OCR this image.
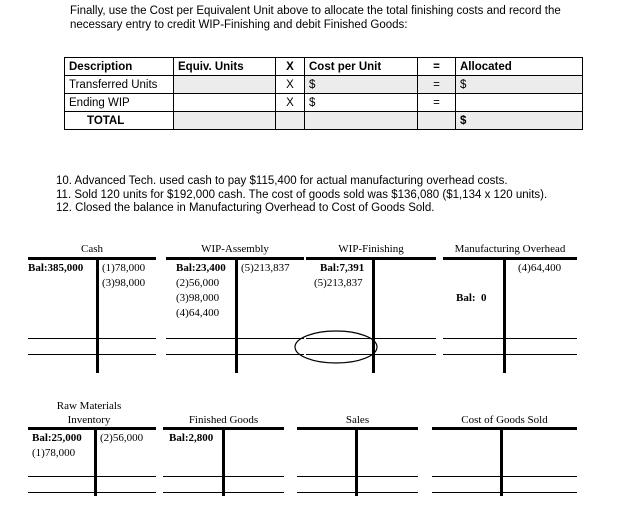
Finally, use the Cost per Equivalent Unit above to allocate the total finishing costs and record the necessary entry to credit WIP-Finishing and debit Finished Goods:
Description	Equiv. Units	X	Cost per Unit	=	Allocated
Transferred Units		X	$	=	$
Ending WIP		X	$	=	
TOTAL					$
10. Advanced Tech. used cash to pay $115,400 for actual manufacturing overhead costs.
11. Sold 120 units for $192,000 cash. The cost of goods sold was $136,080 ($1,134 x 120 units).
12. Closed the balance in Manufacturing Overhead to Cost of Goods Sold.
Cash
Bal:385,000 (1)78,000
(3)98,000
WIP-Assembly
Bal:23,400
(2)56,000
(3)98,000
(4)64,400
(5)213,837
WIP-Finishing
Bal:7,391
(5)213,837
Manufacturing Overhead

Bal:  0

(4)64,400
Raw Materials
Inventory
Bal:25,000
(1)78,000
(2)56,000
Finished Goods
Bal:2,800
Sales	Cost of Goods Sold
